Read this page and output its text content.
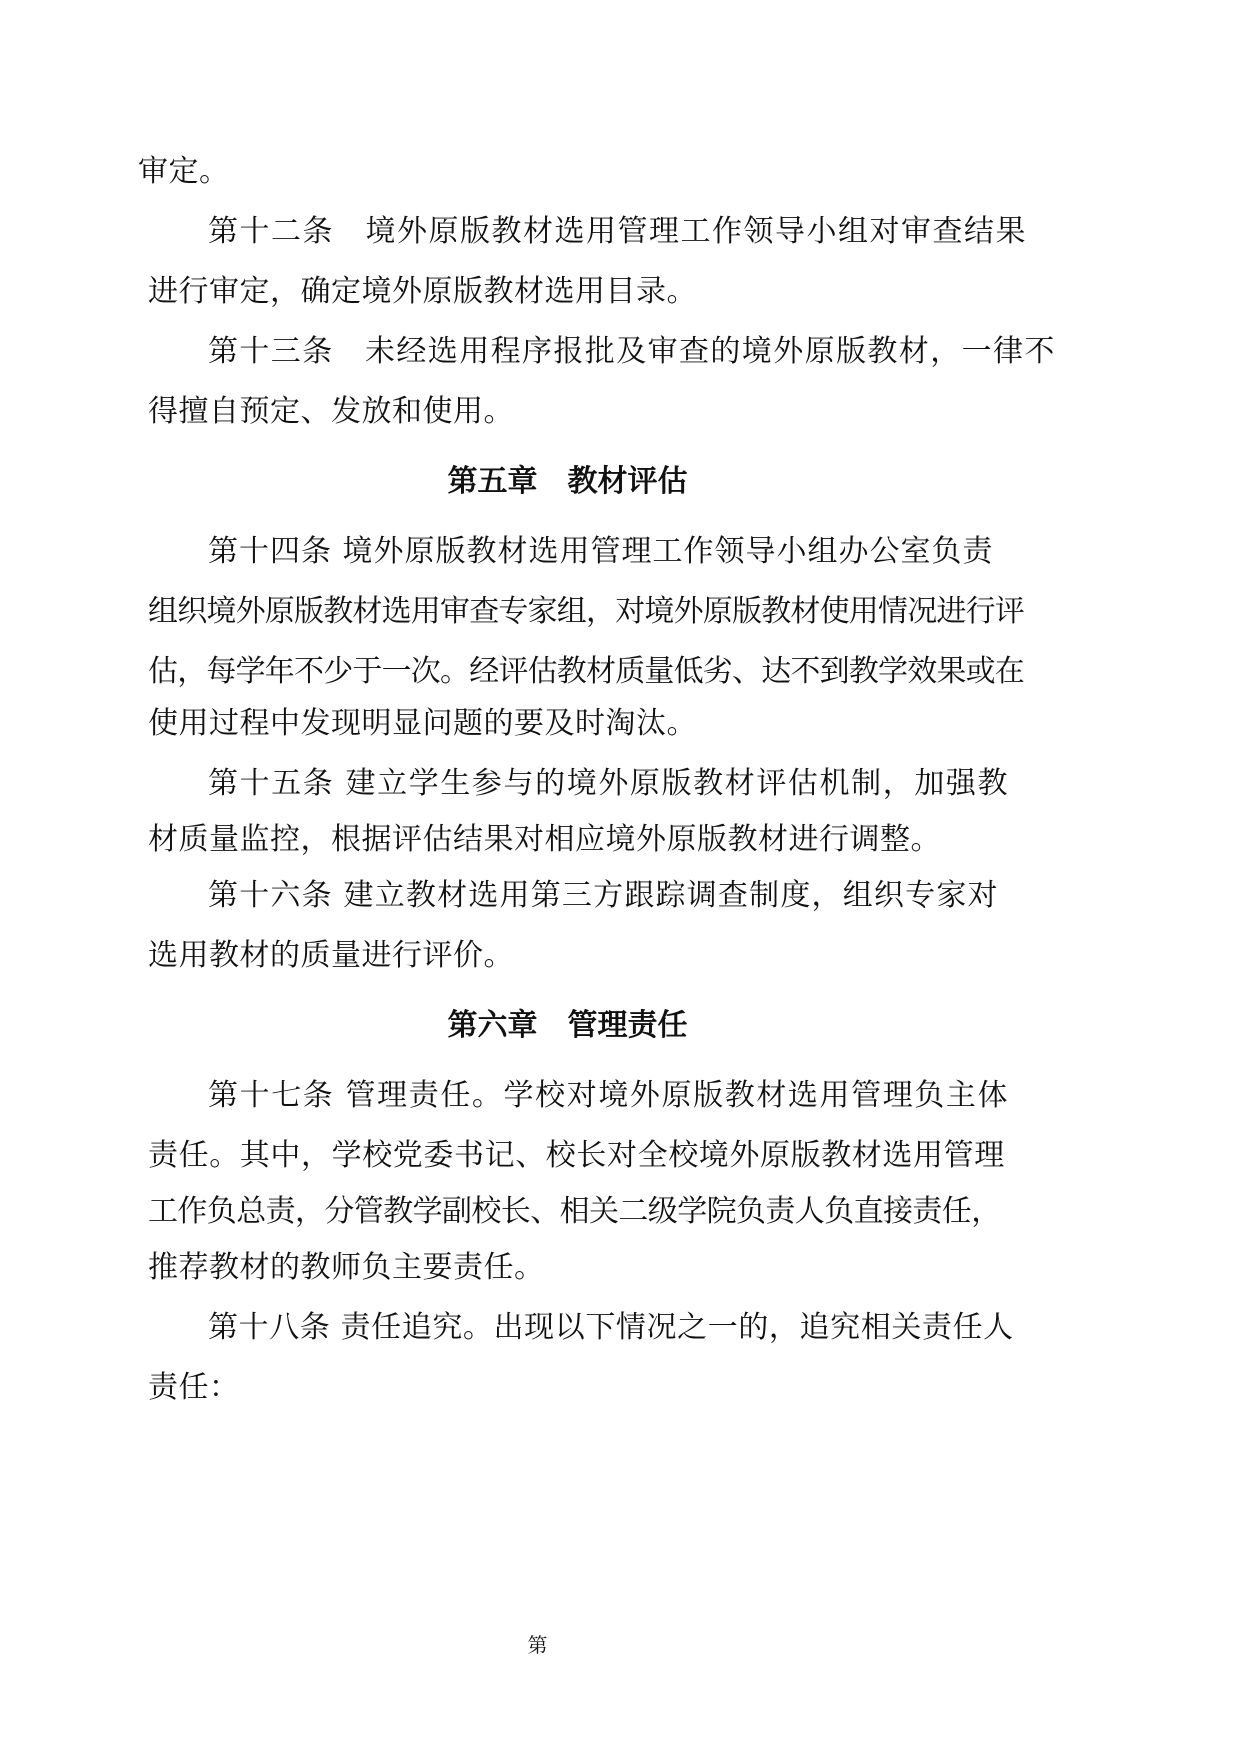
审定。
第十二条　境外原版教材选用管理工作领导小组对审查结果
进行审定，确定境外原版教材选用目录。
第十三条　未经选用程序报批及审查的境外原版教材，一律不
得擅自预定、发放和使用。
第五章　教材评估
第十四条 境外原版教材选用管理工作领导小组办公室负责
组织境外原版教材选用审查专家组，对境外原版教材使用情况进行评
估，每学年不少于一次。经评估教材质量低劣、达不到教学效果或在
使用过程中发现明显问题的要及时淘汰。
第十五条 建立学生参与的境外原版教材评估机制，加强教
材质量监控，根据评估结果对相应境外原版教材进行调整。
第十六条 建立教材选用第三方跟踪调查制度，组织专家对
选用教材的质量进行评价。
第六章　管理责任
第十七条 管理责任。学校对境外原版教材选用管理负主体
责任。其中，学校党委书记、校长对全校境外原版教材选用管理
工作负总责，分管教学副校长、相关二级学院负责人负直接责任，
推荐教材的教师负主要责任。
第十八条 责任追究。出现以下情况之一的，追究相关责任人
责任：
第
